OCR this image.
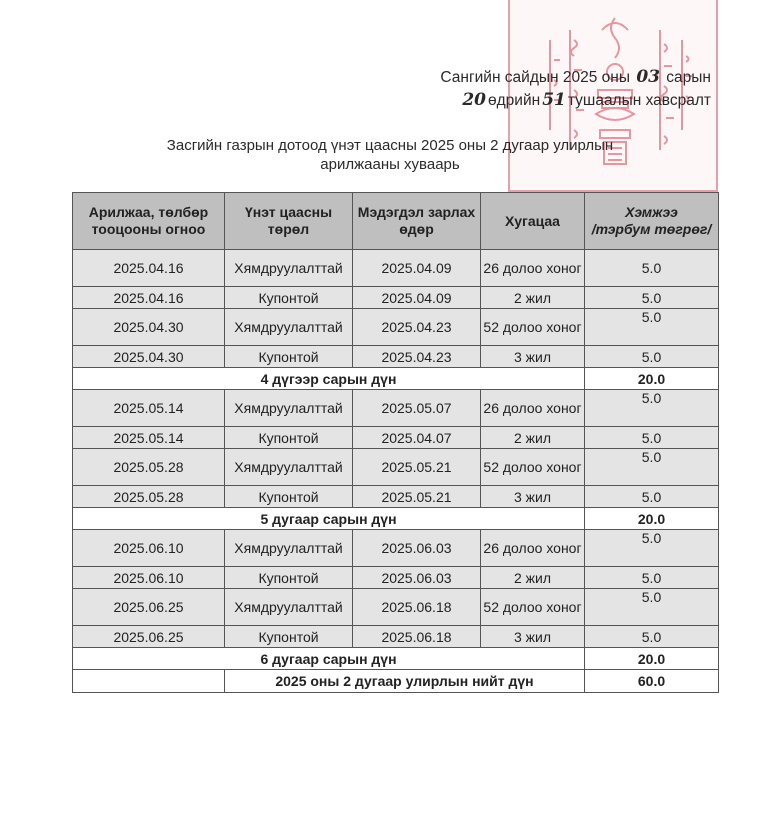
Сангийн сайдын 2025 оны 03 сарын
20 өдрийн 51 тушаалын хавсралт
Засгийн газрын дотоод үнэт цаасны 2025 оны 2 дугаар улирлын
арилжааны хуваарь
Арилжаа, төлбөр тооцооны огноо	Үнэт цаасны төрөл	Мэдэгдэл зарлах өдөр	Хугацаа	Хэмжээ
/тэрбум төгрөг/

2025.04.16	Хямдруулалттай	2025.04.09	26 долоо хоног	5.0
2025.04.16	Купонтой	2025.04.09	2 жил	5.0
2025.04.30	Хямдруулалттай	2025.04.23	52 долоо хоног	5.0
2025.04.30	Купонтой	2025.04.23	3 жил	5.0
4 дүгээр сарын дүн				20.0
2025.05.14	Хямдруулалттай	2025.05.07	26 долоо хоног	5.0
2025.05.14	Купонтой	2025.04.07	2 жил	5.0
2025.05.28	Хямдруулалттай	2025.05.21	52 долоо хоног	5.0
2025.05.28	Купонтой	2025.05.21	3 жил	5.0
5 дугаар сарын дүн				20.0
2025.06.10	Хямдруулалттай	2025.06.03	26 долоо хоног	5.0
2025.06.10	Купонтой	2025.06.03	2 жил	5.0
2025.06.25	Хямдруулалттай	2025.06.18	52 долоо хоног	5.0
2025.06.25	Купонтой	2025.06.18	3 жил	5.0
6 дугаар сарын дүн				20.0
	2025 оны 2 дугаар улирлын нийт дүн			60.0
